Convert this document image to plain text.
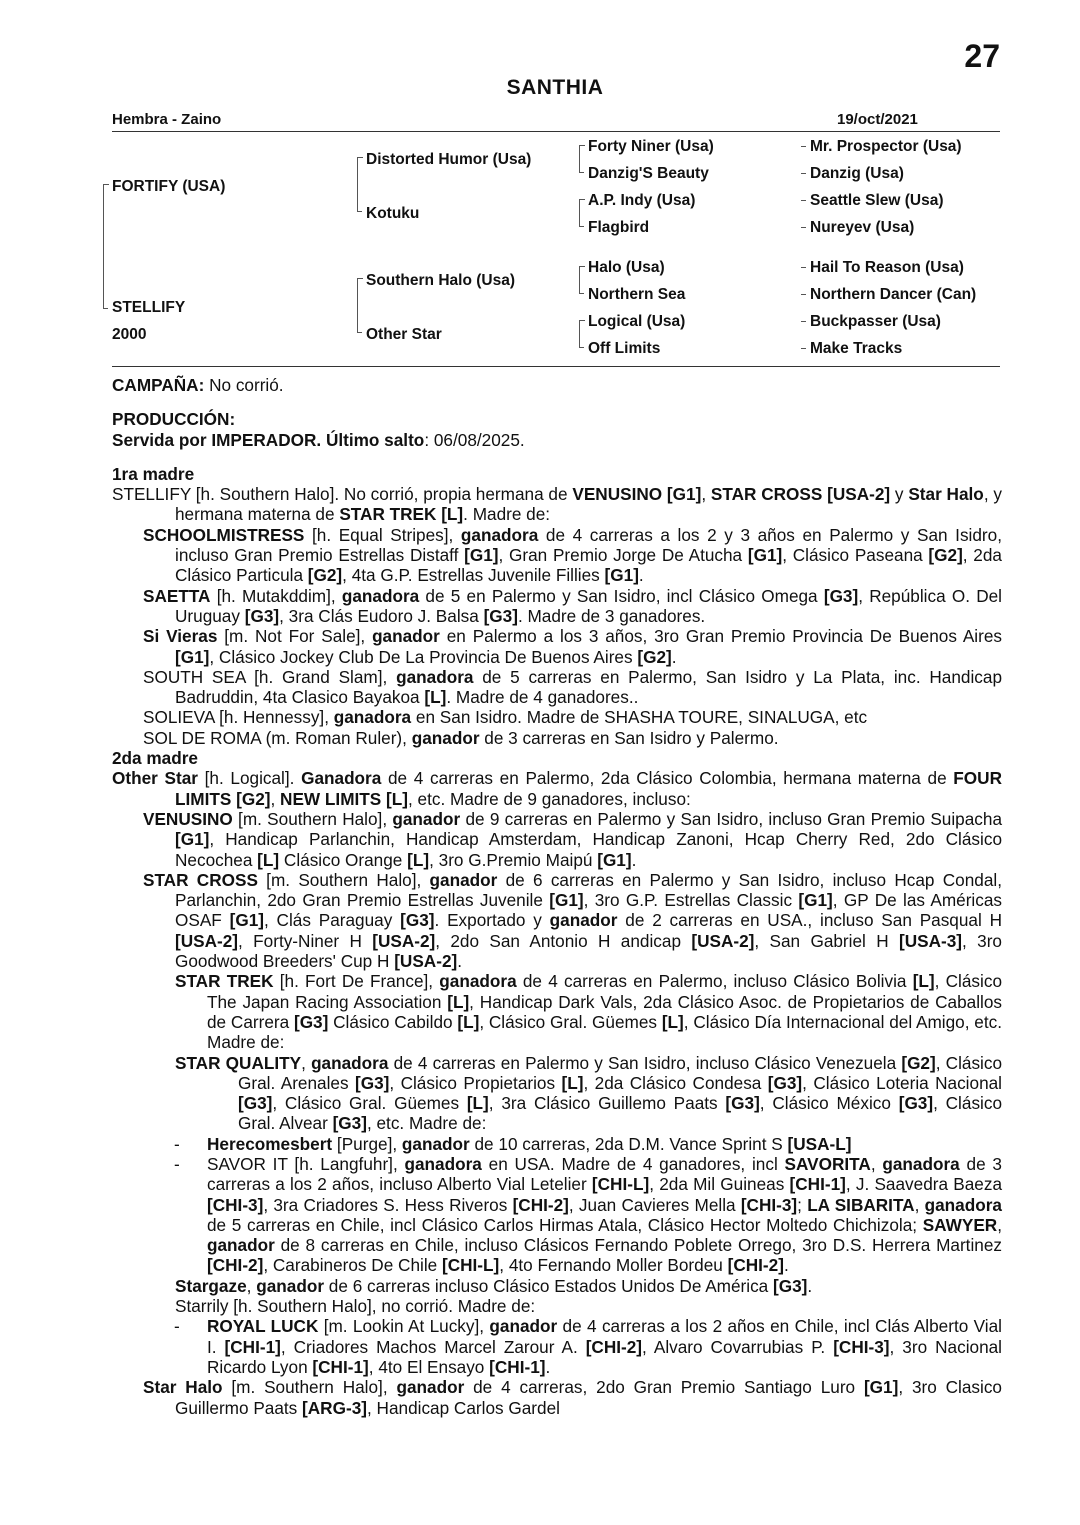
27
SANTHIA
Hembra - Zaino	19/oct/2021
FORTIFY (USA)
STELLIFY
2000
Distorted Humor (Usa)
Kotuku
Southern Halo (Usa)
Other Star
Forty Niner (Usa)
Danzig'S Beauty
A.P. Indy (Usa)
Flagbird
Halo (Usa)
Northern Sea
Logical (Usa)
Off Limits
Mr. Prospector (Usa)
Danzig (Usa)
Seattle Slew (Usa)
Nureyev (Usa)
Hail To Reason (Usa)
Northern Dancer (Can)
Buckpasser (Usa)
Make Tracks

CAMPAÑA: No corrió.

PRODUCCIÓN:

Servida por IMPERADOR. Último salto: 06/08/2025.

1ra madre

STELLIFY [h. Southern Halo]. No corrió, propia hermana de VENUSINO [G1], STAR CROSS [USA-2] y Star Halo, y hermana materna de STAR TREK [L]. Madre de:

SCHOOLMISTRESS [h. Equal Stripes], ganadora de 4 carreras a los 2 y 3 años en Palermo y San Isidro, incluso Gran Premio Estrellas Distaff [G1], Gran Premio Jorge De Atucha [G1], Clásico Paseana [G2], 2da Clásico Particula [G2], 4ta G.P. Estrellas Juvenile Fillies [G1].

SAETTA [h. Mutakddim], ganadora de 5 en Palermo y San Isidro, incl Clásico Omega [G3], República O. Del Uruguay [G3], 3ra Clás Eudoro J. Balsa [G3]. Madre de 3 ganadores.

Si Vieras [m. Not For Sale], ganador en Palermo a los 3 años, 3ro Gran Premio Provincia De Buenos Aires [G1], Clásico Jockey Club De La Provincia De Buenos Aires [G2].

SOUTH SEA [h. Grand Slam], ganadora de 5 carreras en Palermo, San Isidro y La Plata, inc. Handicap Badruddin, 4ta Clasico Bayakoa [L]. Madre de 4 ganadores..

SOLIEVA [h. Hennessy], ganadora en San Isidro. Madre de SHASHA TOURE, SINALUGA, etc

SOL DE ROMA (m. Roman Ruler), ganador de 3 carreras en San Isidro y Palermo.

2da madre

Other Star [h. Logical]. Ganadora de 4 carreras en Palermo, 2da Clásico Colombia, hermana materna de FOUR LIMITS [G2], NEW LIMITS [L], etc. Madre de 9 ganadores, incluso:

VENUSINO [m. Southern Halo], ganador de 9 carreras en Palermo y San Isidro, incluso Gran Premio Suipacha [G1], Handicap Parlanchin, Handicap Amsterdam, Handicap Zanoni, Hcap Cherry Red, 2do Clásico Necochea [L] Clásico Orange [L], 3ro G.Premio Maipú [G1].

STAR CROSS [m. Southern Halo], ganador de 6 carreras en Palermo y San Isidro, incluso Hcap Condal, Parlanchin, 2do Gran Premio Estrellas Juvenile [G1], 3ro G.P. Estrellas Classic [G1], GP De las Américas OSAF [G1], Clás Paraguay [G3]. Exportado y ganador de 2 carreras en USA., incluso San Pasqual H [USA-2], Forty-Niner H [USA-2], 2do San Antonio H andicap [USA-2], San Gabriel H [USA-3], 3ro Goodwood Breeders' Cup H [USA-2].

STAR TREK [h. Fort De France], ganadora de 4 carreras en Palermo, incluso Clásico Bolivia [L], Clásico The Japan Racing Association [L], Handicap Dark Vals, 2da Clásico Asoc. de Propietarios de Caballos de Carrera [G3] Clásico Cabildo [L], Clásico Gral. Güemes [L], Clásico Día Internacional del Amigo, etc. Madre de:

STAR QUALITY, ganadora de 4 carreras en Palermo y San Isidro, incluso Clásico Venezuela [G2], Clásico Gral. Arenales [G3], Clásico Propietarios [L], 2da Clásico Condesa [G3], Clásico Loteria Nacional [G3], Clásico Gral. Güemes [L], 3ra Clásico Guillemo Paats [G3], Clásico México [G3], Clásico Gral. Alvear [G3], etc. Madre de:

- Herecomesbert [Purge], ganador de 10 carreras, 2da D.M. Vance Sprint S [USA-L]

- SAVOR IT [h. Langfuhr], ganadora en USA. Madre de 4 ganadores, incl SAVORITA, ganadora de 3 carreras a los 2 años, incluso Alberto Vial Letelier [CHI-L], 2da Mil Guineas [CHI-1], J. Saavedra Baeza [CHI-3], 3ra Criadores S. Hess Riveros [CHI-2], Juan Cavieres Mella [CHI-3]; LA SIBARITA, ganadora de 5 carreras en Chile, incl Clásico Carlos Hirmas Atala, Clásico Hector Moltedo Chichizola; SAWYER, ganador de 8 carreras en Chile, incluso Clásicos Fernando Poblete Orrego, 3ro D.S. Herrera Martinez [CHI-2], Carabineros De Chile [CHI-L], 4to Fernando Moller Bordeu [CHI-2].

Stargaze, ganador de 6 carreras incluso Clásico Estados Unidos De América [G3].

Starrily [h. Southern Halo], no corrió. Madre de:

- ROYAL LUCK [m. Lookin At Lucky], ganador de 4 carreras a los 2 años en Chile, incl Clás Alberto Vial I. [CHI-1], Criadores Machos Marcel Zarour A. [CHI-2], Alvaro Covarrubias P. [CHI-3], 3ro Nacional Ricardo Lyon [CHI-1], 4to El Ensayo [CHI-1].

Star Halo [m. Southern Halo], ganador de 4 carreras, 2do Gran Premio Santiago Luro [G1], 3ro Clasico Guillermo Paats [ARG-3], Handicap Carlos Gardel
